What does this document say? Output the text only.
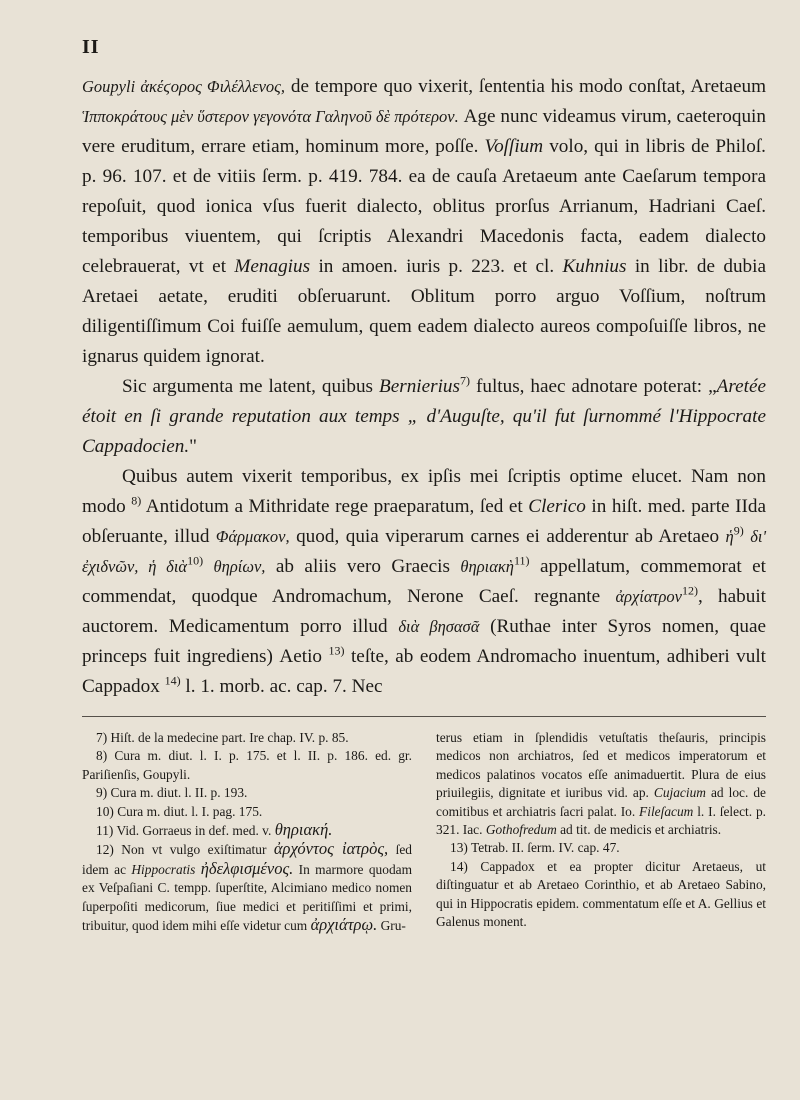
II

Goupyli ἀκέϛορος Φιλέλλενος, de tempore quo vixerit, ſententia his modo conſtat, Aretaeum Ἱπποκράτους μὲν ὕστερον γεγονότα Γαληνοῦ δὲ πρότερον. Age nunc videamus virum, caeteroquin vere eruditum, errare etiam, hominum more, poſſe. Voſſium volo, qui in libris de Philoſ. p. 96. 107. et de vitiis ſerm. p. 419. 784. ea de cauſa Aretaeum ante Caeſarum tempora repoſuit, quod ionica vſus fuerit dialecto, oblitus prorſus Arrianum, Hadriani Caeſ. temporibus viuentem, qui ſcriptis Alexandri Macedonis facta, eadem dialecto celebrauerat, vt et Menagius in amoen. iuris p. 223. et cl. Kuhnius in libr. de dubia Aretaei aetate, eruditi obſeruarunt. Oblitum porro arguo Voſſium, noſtrum diligentiſſimum Coi fuiſſe aemulum, quem eadem dialecto aureos compoſuiſſe libros, ne ignarus quidem ignorat.

Sic argumenta me latent, quibus Bernierius$^{7)}$ fultus, haec adnotare poterat: „Aretée étoit en ſi grande reputation aux temps „ d'Auguſte, qu'il fut ſurnommé l'Hippocrate Cappadocien."

Quibus autem vixerit temporibus, ex ipſis mei ſcriptis optime elucet. Nam non modo $^{8)}$ Antidotum a Mithridate rege praeparatum, ſed et Clerico in hiſt. med. parte IIda obſeruante, illud Φάρμακον, quod, quia viperarum carnes ei adderentur ab Aretaeo ἡ$^{9)}$ δι' ἐχιδνῶν, ἡ διὰ$^{10)}$ θηρίων, ab aliis vero Graecis θηριακὴ$^{11)}$ appellatum, commemorat et commendat, quodque Andromachum, Nerone Caeſ. regnante ἀρχίατρον$^{12)}$, habuit auctorem. Medicamentum porro illud διὰ βησασᾶ (Ruthae inter Syros nomen, quae princeps fuit ingrediens) Aetio $^{13)}$ teſte, ab eodem Andromacho inuentum, adhiberi vult Cappadox $^{14)}$ l. 1. morb. ac. cap. 7. Nec

7) Hiſt. de la medecine part. Ire chap. IV. p. 85.

8) Cura m. diut. l. I. p. 175. et l. II. p. 186. ed. gr. Pariſienſis, Goupyli.

9) Cura m. diut. l. II. p. 193.

10) Cura m. diut. l. I. pag. 175.

11) Vid. Gorraeus in def. med. v. θηριακή.

12) Non vt vulgo exiſtimatur ἀρχόντος ἰατρὸς, ſed idem ac Hippocratis ἠδελφισμένος. In marmore quodam ex Veſpaſiani C. tempp. ſuperſtite, Alcimiano medico nomen ſuperpoſiti medicorum, ſiue medici et peritiſſimi et primi, tribuitur, quod idem mihi eſſe videtur cum ἀρχιάτρῳ. Gru-

terus etiam in ſplendidis vetuſtatis theſauris, principis medicos non archiatros, ſed et medicos imperatorum et medicos palatinos vocatos eſſe animaduertit. Plura de eius priuilegiis, dignitate et iuribus vid. ap. Cujacium ad loc. de comitibus et archiatris ſacri palat. Io. Fileſacum l. I. ſelect. p. 321. Iac. Gothofredum ad tit. de medicis et archiatris.

13) Tetrab. II. ſerm. IV. cap. 47.

14) Cappadox et ea propter dicitur Aretaeus, ut diſtinguatur et ab Aretaeo Corinthio, et ab Aretaeo Sabino, qui in Hippocratis epidem. commentatum eſſe et A. Gellius et Galenus monent.
